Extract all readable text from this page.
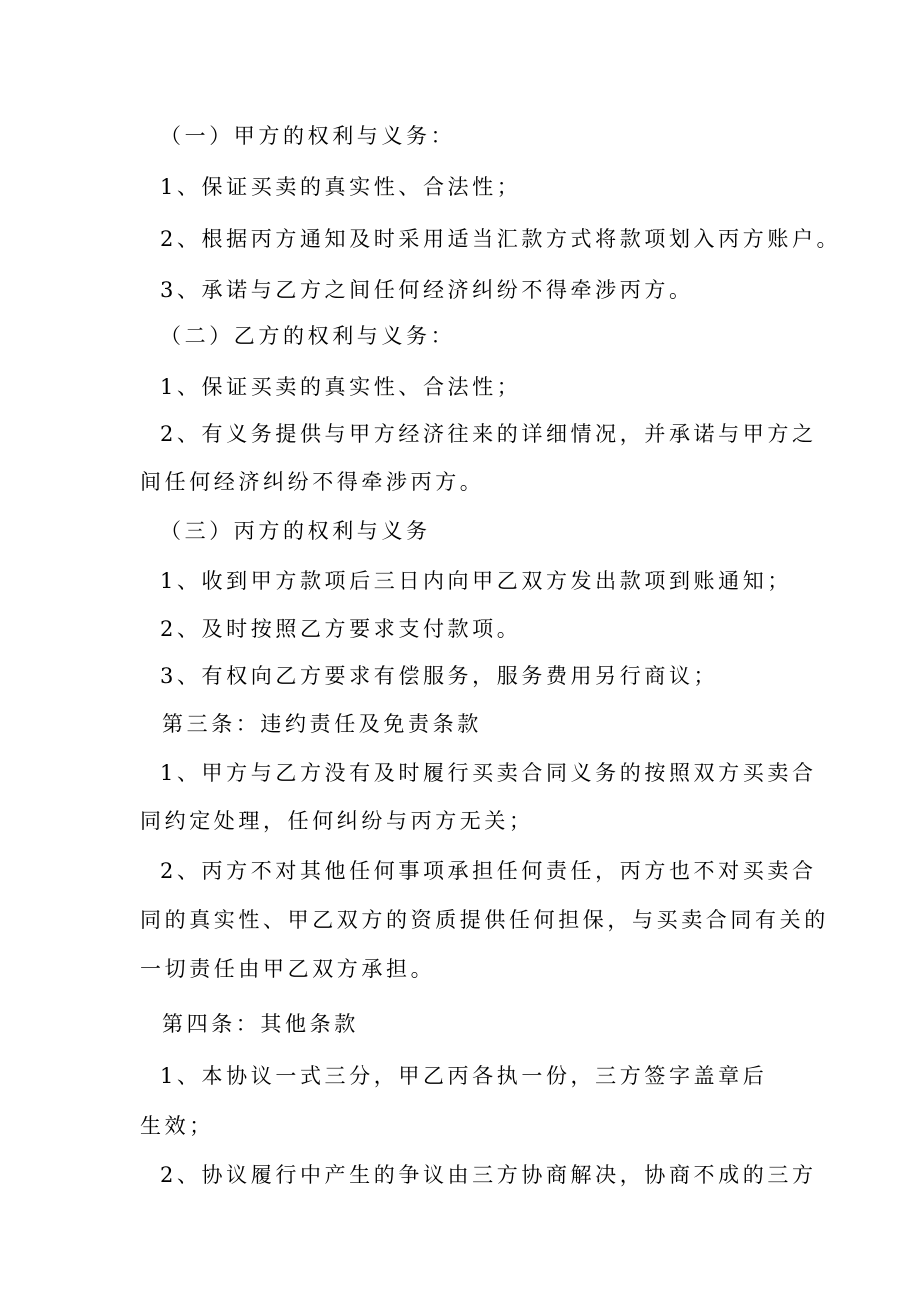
（一）甲方的权利与义务：
1、保证买卖的真实性、合法性；
2、根据丙方通知及时采用适当汇款方式将款项划入丙方账户。
3、承诺与乙方之间任何经济纠纷不得牵涉丙方。
（二）乙方的权利与义务：
1、保证买卖的真实性、合法性；
2、有义务提供与甲方经济往来的详细情况，并承诺与甲方之
间任何经济纠纷不得牵涉丙方。
（三）丙方的权利与义务
1、收到甲方款项后三日内向甲乙双方发出款项到账通知；
2、及时按照乙方要求支付款项。
3、有权向乙方要求有偿服务，服务费用另行商议；
第三条：违约责任及免责条款
1、甲方与乙方没有及时履行买卖合同义务的按照双方买卖合
同约定处理，任何纠纷与丙方无关；
2、丙方不对其他任何事项承担任何责任，丙方也不对买卖合
同的真实性、甲乙双方的资质提供任何担保，与买卖合同有关的
一切责任由甲乙双方承担。
第四条：其他条款
1、本协议一式三分，甲乙丙各执一份，三方签字盖章后
生效；
2、协议履行中产生的争议由三方协商解决，协商不成的三方
